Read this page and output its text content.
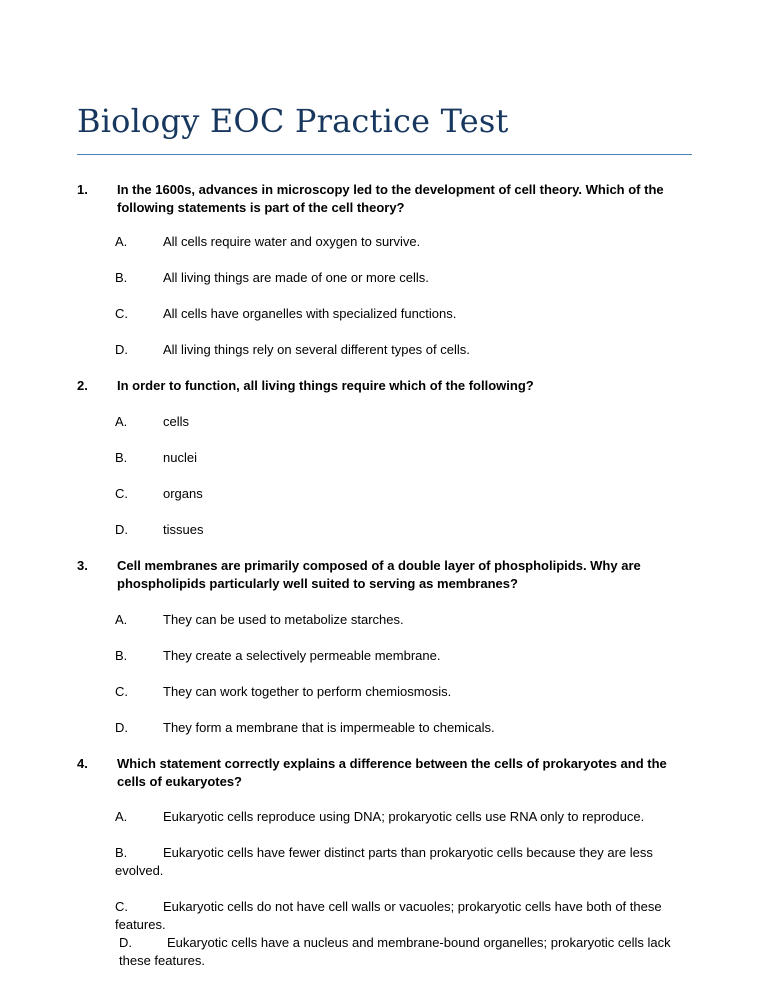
Biology EOC Practice Test
1. In the 1600s, advances in microscopy led to the development of cell theory. Which of the following statements is part of the cell theory?
A.	All cells require water and oxygen to survive.
B.	All living things are made of one or more cells.
C.	All cells have organelles with specialized functions.
D.	All living things rely on several different types of cells.
2. In order to function, all living things require which of the following?
A.	cells
B.	nuclei
C.	organs
D.	tissues
3. Cell membranes are primarily composed of a double layer of phospholipids. Why are phospholipids particularly well suited to serving as membranes?
A.	They can be used to metabolize starches.
B.	They create a selectively permeable membrane.
C.	They can work together to perform chemiosmosis.
D.	They form a membrane that is impermeable to chemicals.
4. Which statement correctly explains a difference between the cells of prokaryotes and the cells of eukaryotes?
A.	Eukaryotic cells reproduce using DNA; prokaryotic cells use RNA only to reproduce.
B.	Eukaryotic cells have fewer distinct parts than prokaryotic cells because they are less evolved.
C.	Eukaryotic cells do not have cell walls or vacuoles; prokaryotic cells have both of these features.
D.	Eukaryotic cells have a nucleus and membrane-bound organelles; prokaryotic cells lack these features.
